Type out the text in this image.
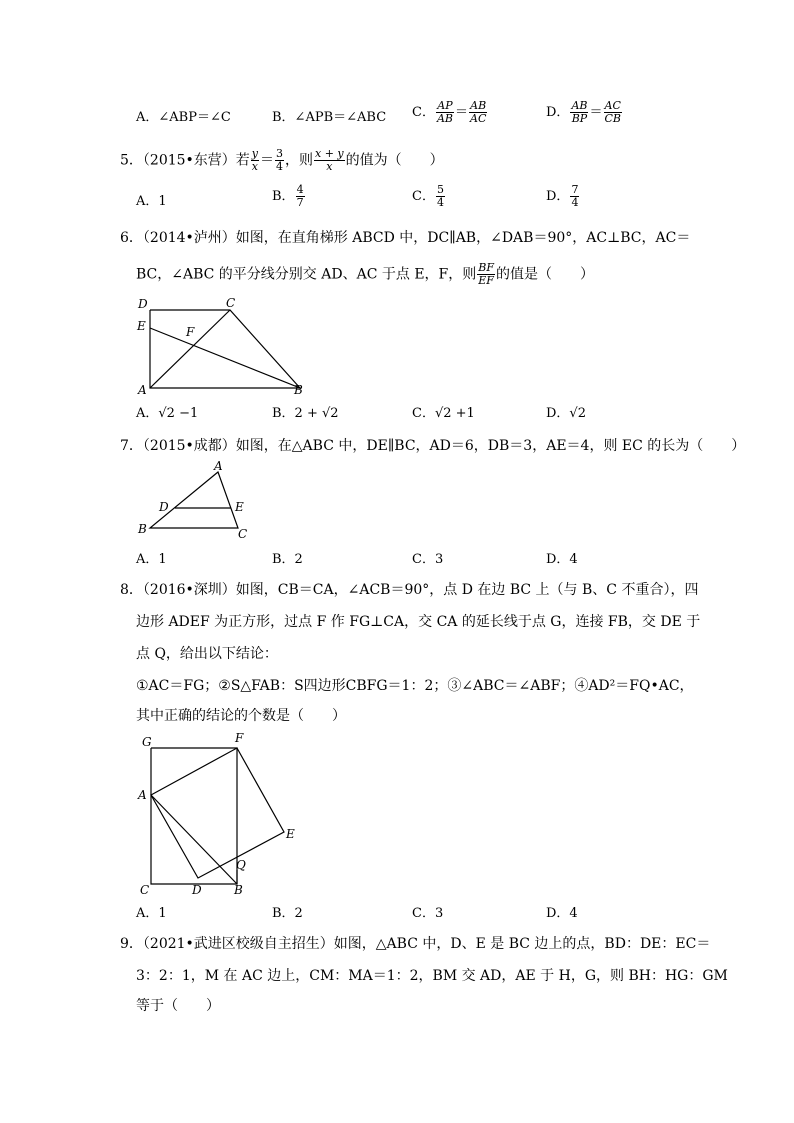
A．∠ABP＝∠C	B．∠APB＝∠ABC C． $\frac{AP}{AB} = \frac{AB}{AC}$	D． $\frac{AB}{BP} = \frac{AC}{CB}$
5．（2015•东营）若 $\frac{y}{x} = \frac{3}{4}$ ，则 $\frac{x + y}{x}$ 的值为（　　）
A．1	B． $\frac{4}{7}$	C． $\frac{5}{4}$	D． $\frac{7}{4}$
6．（2014•泸州）如图，在直角梯形 ABCD 中，DC∥AB，∠DAB＝90°，AC⊥BC，AC＝
BC，∠ABC 的平分线分别交 AD、AC 于点 E，F，则 $\frac{BF}{EF}$ 的值是（　　）
D	C
E	F
A	B
A．√2 −1	B．2 + √2	C．√2 +1	D．√2
7．（2015•成都）如图，在△ABC 中，DE∥BC，AD＝6，DB＝3，AE＝4，则 EC 的长为（　　）
A
D	E
B	C
A．1	B．2	C．3	D．4
8．（2016•深圳）如图，CB＝CA，∠ACB＝90°，点 D 在边 BC 上（与 B、C 不重合），四
边形 ADEF 为正方形，过点 F 作 FG⊥CA，交 CA 的延长线于点 G，连接 FB，交 DE 于
点 Q，给出以下结论：
①AC＝FG；②S△FAB：S四边形CBFG＝1：2；③∠ABC＝∠ABF；④AD²＝FQ•AC，
其中正确的结论的个数是（　　）
G	F
A
E
Q
C	D	B
A．1	B．2	C．3	D．4
9．（2021•武进区校级自主招生）如图，△ABC 中，D、E 是 BC 边上的点，BD：DE：EC＝
3：2：1，M 在 AC 边上，CM：MA＝1：2，BM 交 AD，AE 于 H，G，则 BH：HG：GM
等于（　　）
